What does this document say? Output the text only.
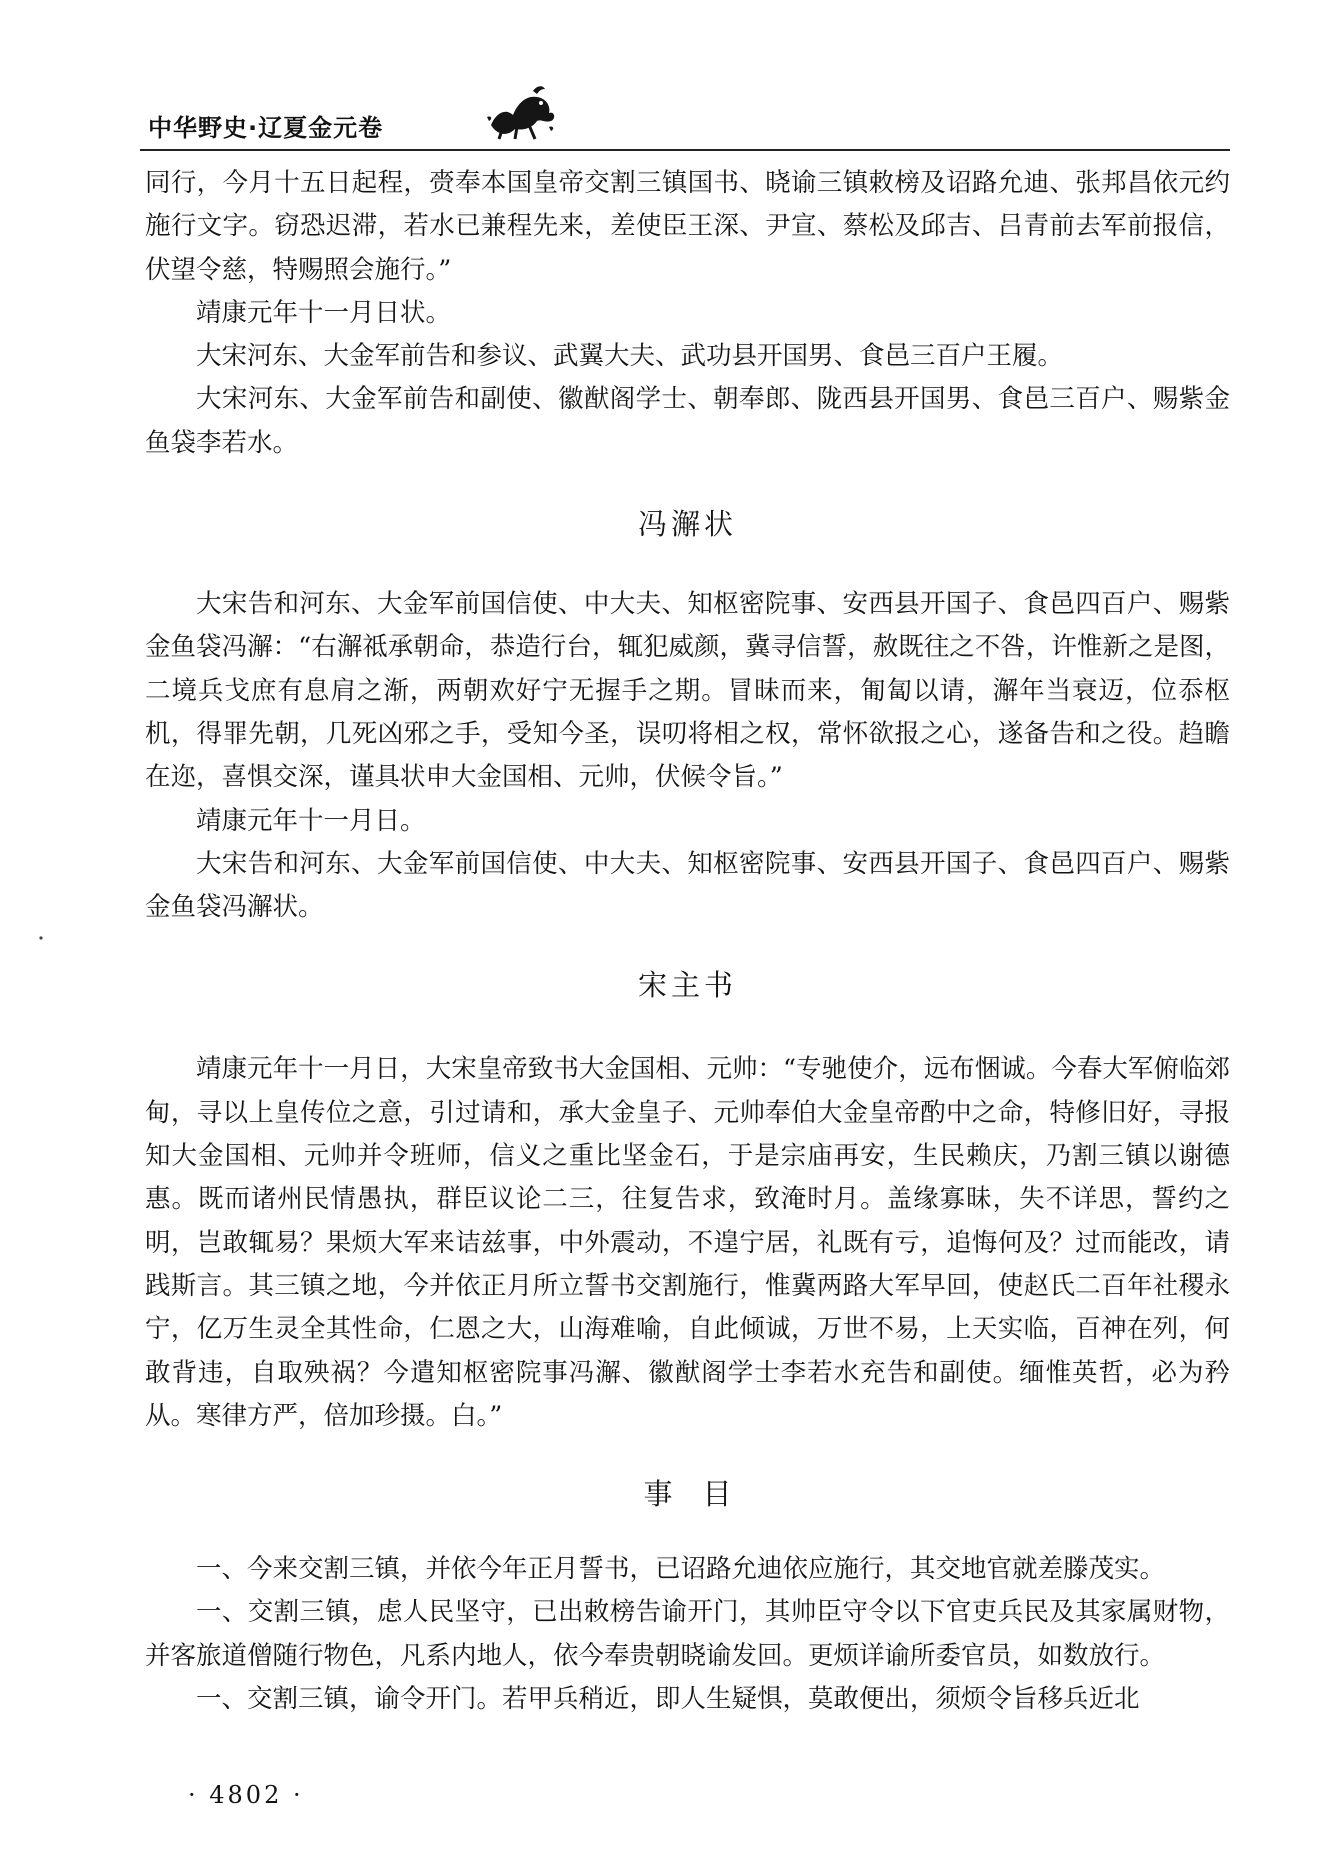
中华野史·辽夏金元卷

同行，今月十五日起程，赍奉本国皇帝交割三镇国书、晓谕三镇敕榜及诏路允迪、张邦昌依元约施行文字。窃恐迟滞，若水已兼程先来，差使臣王深、尹宣、蔡松及邱吉、吕青前去军前报信，伏望令慈，特赐照会施行。”

靖康元年十一月日状。

大宋河东、大金军前告和参议、武翼大夫、武功县开国男、食邑三百户王履。

大宋河东、大金军前告和副使、徽猷阁学士、朝奉郎、陇西县开国男、食邑三百户、赐紫金鱼袋李若水。

冯澥状

大宋告和河东、大金军前国信使、中大夫、知枢密院事、安西县开国子、食邑四百户、赐紫金鱼袋冯澥：“右澥祗承朝命，恭造行台，辄犯威颜，冀寻信誓，赦既往之不咎，许惟新之是图，二境兵戈庶有息肩之渐，两朝欢好宁无握手之期。冒昧而来，匍匐以请，澥年当衰迈，位忝枢机，得罪先朝，几死凶邪之手，受知今圣，误叨将相之权，常怀欲报之心，遂备告和之役。趋瞻在迩，喜惧交深，谨具状申大金国相、元帅，伏候令旨。”

靖康元年十一月日。

大宋告和河东、大金军前国信使、中大夫、知枢密院事、安西县开国子、食邑四百户、赐紫金鱼袋冯澥状。

宋主书

靖康元年十一月日，大宋皇帝致书大金国相、元帅：“专驰使介，远布悃诚。今春大军俯临郊甸，寻以上皇传位之意，引过请和，承大金皇子、元帅奉伯大金皇帝酌中之命，特修旧好，寻报知大金国相、元帅并令班师，信义之重比坚金石，于是宗庙再安，生民赖庆，乃割三镇以谢德惠。既而诸州民情愚执，群臣议论二三，往复告求，致淹时月。盖缘寡昧，失不详思，誓约之明，岂敢辄易？果烦大军来诘兹事，中外震动，不遑宁居，礼既有亏，追悔何及？过而能改，请践斯言。其三镇之地，今并依正月所立誓书交割施行，惟冀两路大军早回，使赵氏二百年社稷永宁，亿万生灵全其性命，仁恩之大，山海难喻，自此倾诚，万世不易，上天实临，百神在列，何敢背违，自取殃祸？今遣知枢密院事冯澥、徽猷阁学士李若水充告和副使。缅惟英哲，必为矜从。寒律方严，倍加珍摄。白。”

事目

一、今来交割三镇，并依今年正月誓书，已诏路允迪依应施行，其交地官就差滕茂实。

一、交割三镇，虑人民坚守，已出敕榜告谕开门，其帅臣守令以下官吏兵民及其家属财物，并客旅道僧随行物色，凡系内地人，依今奉贵朝晓谕发回。更烦详谕所委官员，如数放行。

一、交割三镇，谕令开门。若甲兵稍近，即人生疑惧，莫敢便出，须烦令旨移兵近北

· 4802 ·
